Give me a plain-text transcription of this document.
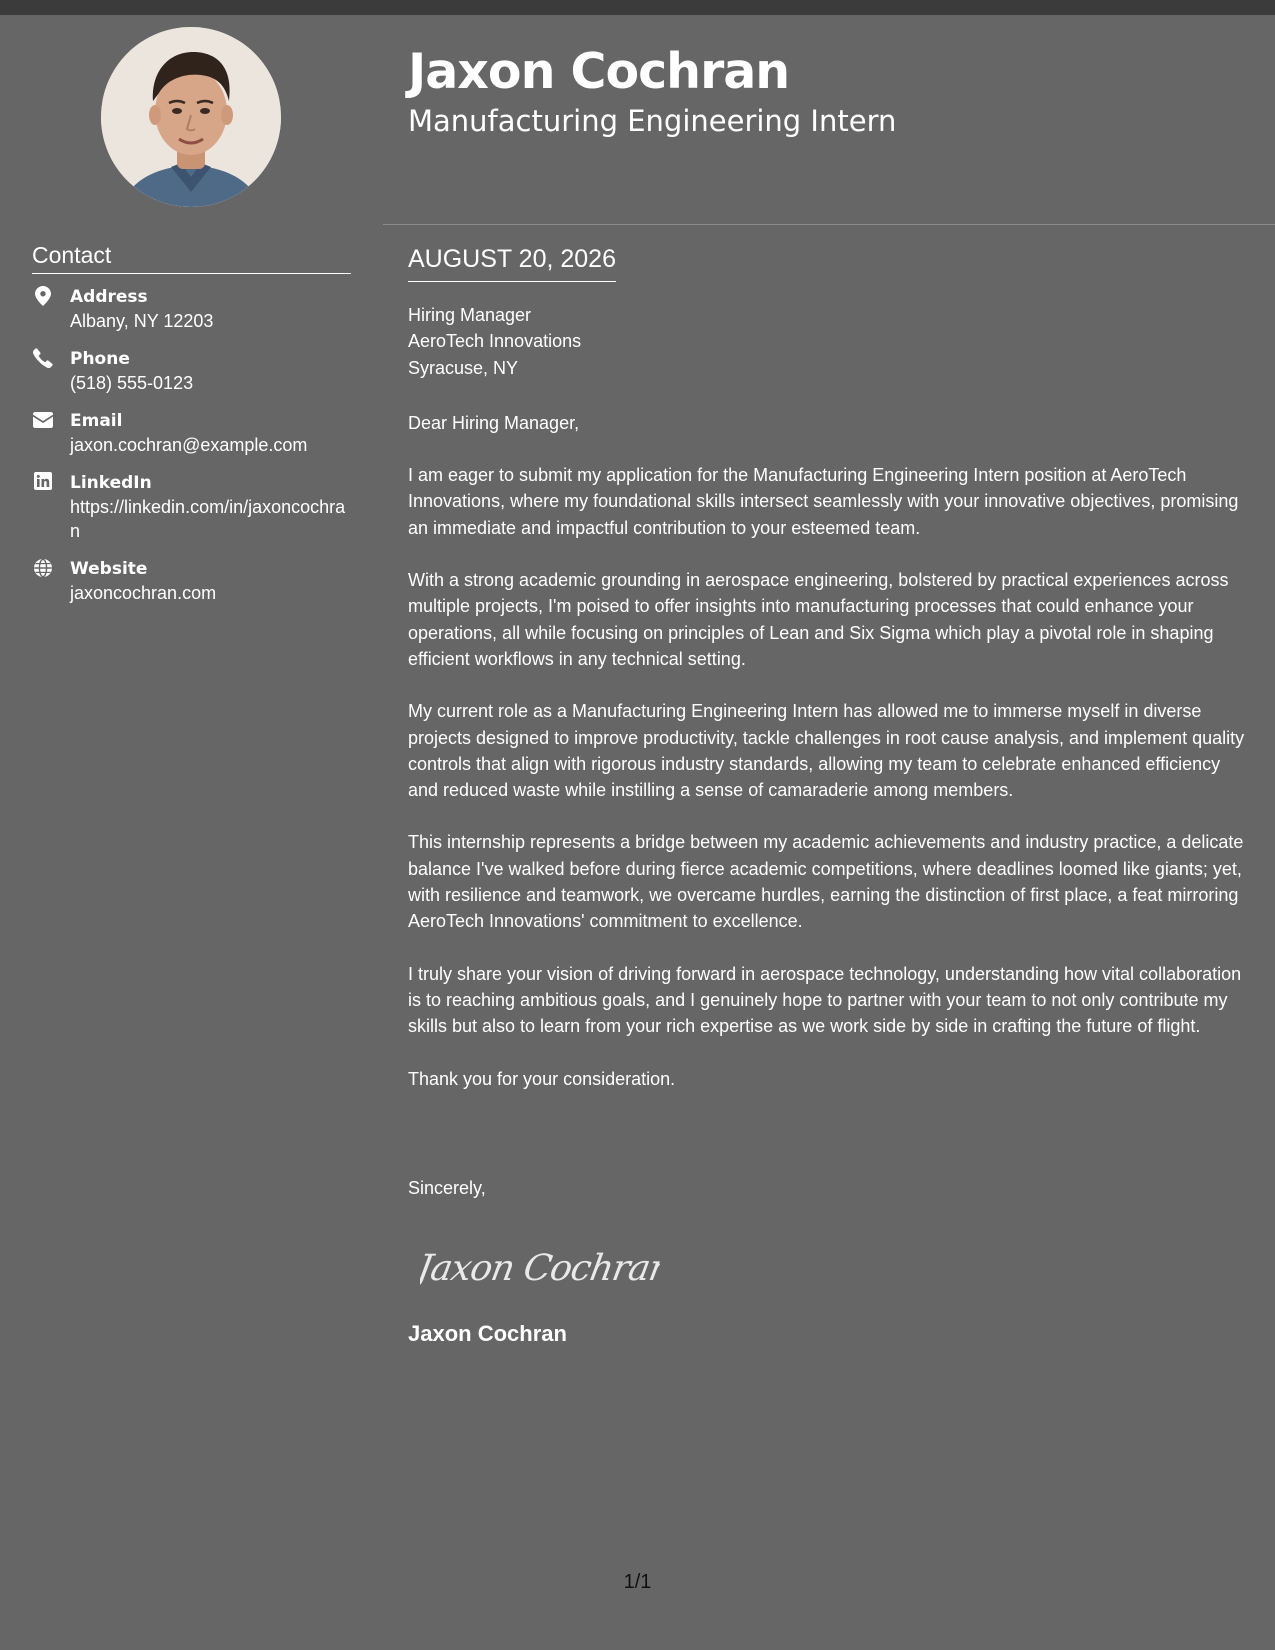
Contact
Address
Albany, NY 12203
Phone
(518) 555-0123
Email
jaxon.cochran@example.com
LinkedIn
https://linkedin.com/in/jaxoncochran
Website
jaxoncochran.com
Jaxon Cochran
Manufacturing Engineering Intern
AUGUST 20, 2026
Hiring Manager
AeroTech Innovations
Syracuse, NY
Dear Hiring Manager,
I am eager to submit my application for the Manufacturing Engineering Intern position at AeroTech Innovations, where my foundational skills intersect seamlessly with your innovative objectives, promising an immediate and impactful contribution to your esteemed team.
With a strong academic grounding in aerospace engineering, bolstered by practical experiences across multiple projects, I'm poised to offer insights into manufacturing processes that could enhance your operations, all while focusing on principles of Lean and Six Sigma which play a pivotal role in shaping efficient workflows in any technical setting.
My current role as a Manufacturing Engineering Intern has allowed me to immerse myself in diverse projects designed to improve productivity, tackle challenges in root cause analysis, and implement quality controls that align with rigorous industry standards, allowing my team to celebrate enhanced efficiency and reduced waste while instilling a sense of camaraderie among members.
This internship represents a bridge between my academic achievements and industry practice, a delicate balance I've walked before during fierce academic competitions, where deadlines loomed like giants; yet, with resilience and teamwork, we overcame hurdles, earning the distinction of first place, a feat mirroring AeroTech Innovations' commitment to excellence.
I truly share your vision of driving forward in aerospace technology, understanding how vital collaboration is to reaching ambitious goals, and I genuinely hope to partner with your team to not only contribute my skills but also to learn from your rich expertise as we work side by side in crafting the future of flight.
Thank you for your consideration.
Sincerely,
Jaxon Cochran
Jaxon Cochran
1/1
